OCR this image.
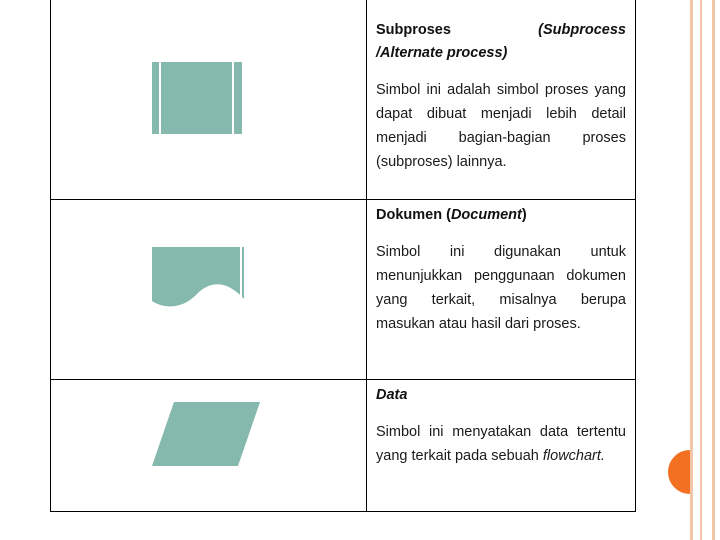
Subproses (Subprocess
/Alternate process)

Simbol ini adalah simbol proses yang dapat dibuat menjadi lebih detail menjadi bagian-bagian proses (subproses) lainnya.

Dokumen (Document)

Simbol ini digunakan untuk menunjukkan penggunaan dokumen yang terkait, misalnya berupa masukan atau hasil dari proses.

Data

Simbol ini menyatakan data tertentu yang terkait pada sebuah flowchart.
